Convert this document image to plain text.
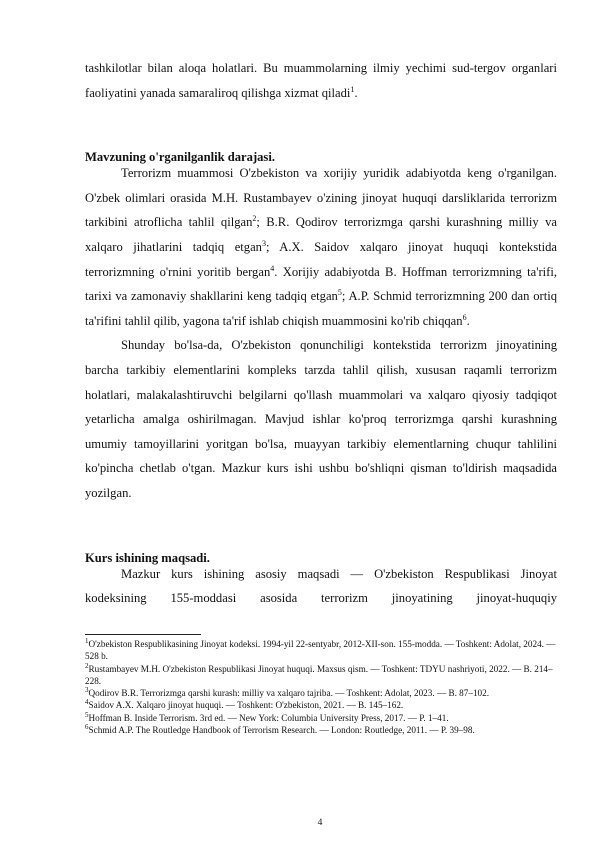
tashkilotlar bilan aloqa holatlari. Bu muammolarning ilmiy yechimi sud-tergov organlari faoliyatini yanada samaraliroq qilishga xizmat qiladi$^1$.

Mavzuning o'rganilganlik darajasi.

Terrorizm muammosi O'zbekiston va xorijiy yuridik adabiyotda keng o'rganilgan. O'zbek olimlari orasida M.H. Rustambayev o'zining jinoyat huquqi darsliklarida terrorizm tarkibini atroflicha tahlil qilgan$^2$; B.R. Qodirov terrorizmga qarshi kurashning milliy va xalqaro jihatlarini tadqiq etgan$^3$; A.X. Saidov xalqaro jinoyat huquqi kontekstida terrorizmning o'rnini yoritib bergan$^4$. Xorijiy adabiyotda B. Hoffman terrorizmning ta'rifi, tarixi va zamonaviy shakllarini keng tadqiq etgan$^5$; A.P. Schmid terrorizmning 200 dan ortiq ta'rifini tahlil qilib, yagona ta'rif ishlab chiqish muammosini ko'rib chiqqan$^6$.

Shunday bo'lsa-da, O'zbekiston qonunchiligi kontekstida terrorizm jinoyatining barcha tarkibiy elementlarini kompleks tarzda tahlil qilish, xususan raqamli terrorizm holatlari, malakalashtiruvchi belgilarni qo'llash muammolari va xalqaro qiyosiy tadqiqot yetarlicha amalga oshirilmagan. Mavjud ishlar ko'proq terrorizmga qarshi kurashning umumiy tamoyillarini yoritgan bo'lsa, muayyan tarkibiy elementlarning chuqur tahlilini ko'pincha chetlab o'tgan. Mazkur kurs ishi ushbu bo'shliqni qisman to'ldirish maqsadida yozilgan.

Kurs ishining maqsadi.

Mazkur kurs ishining asosiy maqsadi — O'zbekiston Respublikasi Jinoyat kodeksining 155-moddasi asosida terrorizm jinoyatining jinoyat-huquqiy

$^1$O'zbekiston Respublikasining Jinoyat kodeksi. 1994-yil 22-sentyabr, 2012-XII-son. 155-modda. — Toshkent: Adolat, 2024. — 528 b.

$^2$Rustambayev M.H. O'zbekiston Respublikasi Jinoyat huquqi. Maxsus qism. — Toshkent: TDYU nashriyoti, 2022. — B. 214–228.

$^3$Qodirov B.R. Terrorizmga qarshi kurash: milliy va xalqaro tajriba. — Toshkent: Adolat, 2023. — B. 87–102.

$^4$Saidov A.X. Xalqaro jinoyat huquqi. — Toshkent: O'zbekiston, 2021. — B. 145–162.

$^5$Hoffman B. Inside Terrorism. 3rd ed. — New York: Columbia University Press, 2017. — P. 1–41.

$^6$Schmid A.P. The Routledge Handbook of Terrorism Research. — London: Routledge, 2011. — P. 39–98.

4
